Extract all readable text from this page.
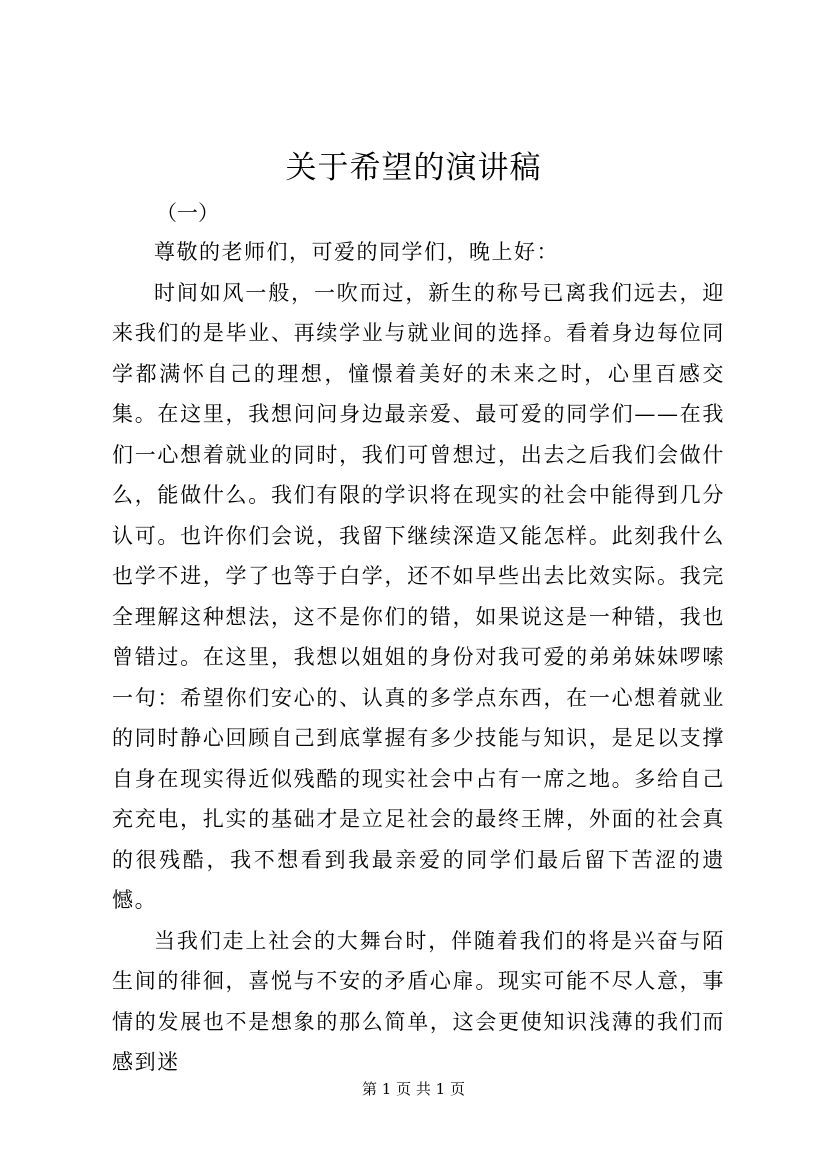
关于希望的演讲稿
（一）

尊敬的老师们，可爱的同学们，晚上好：

时间如风一般，一吹而过，新生的称号已离我们远去，迎来我们的是毕业、再续学业与就业间的选择。看着身边每位同学都满怀自己的理想，憧憬着美好的未来之时，心里百感交集。在这里，我想问问身边最亲爱、最可爱的同学们——在我们一心想着就业的同时，我们可曾想过，出去之后我们会做什么，能做什么。我们有限的学识将在现实的社会中能得到几分认可。也许你们会说，我留下继续深造又能怎样。此刻我什么也学不进，学了也等于白学，还不如早些出去比效实际。我完全理解这种想法，这不是你们的错，如果说这是一种错，我也曾错过。在这里，我想以姐姐的身份对我可爱的弟弟妹妹啰嗦一句：希望你们安心的、认真的多学点东西，在一心想着就业的同时静心回顾自己到底掌握有多少技能与知识，是足以支撑自身在现实得近似残酷的现实社会中占有一席之地。多给自己充充电，扎实的基础才是立足社会的最终王牌，外面的社会真的很残酷，我不想看到我最亲爱的同学们最后留下苦涩的遗憾。

当我们走上社会的大舞台时，伴随着我们的将是兴奋与陌生间的徘徊，喜悦与不安的矛盾心扉。现实可能不尽人意，事情的发展也不是想象的那么简单，这会更使知识浅薄的我们而感到迷

第 1 页 共 1 页
